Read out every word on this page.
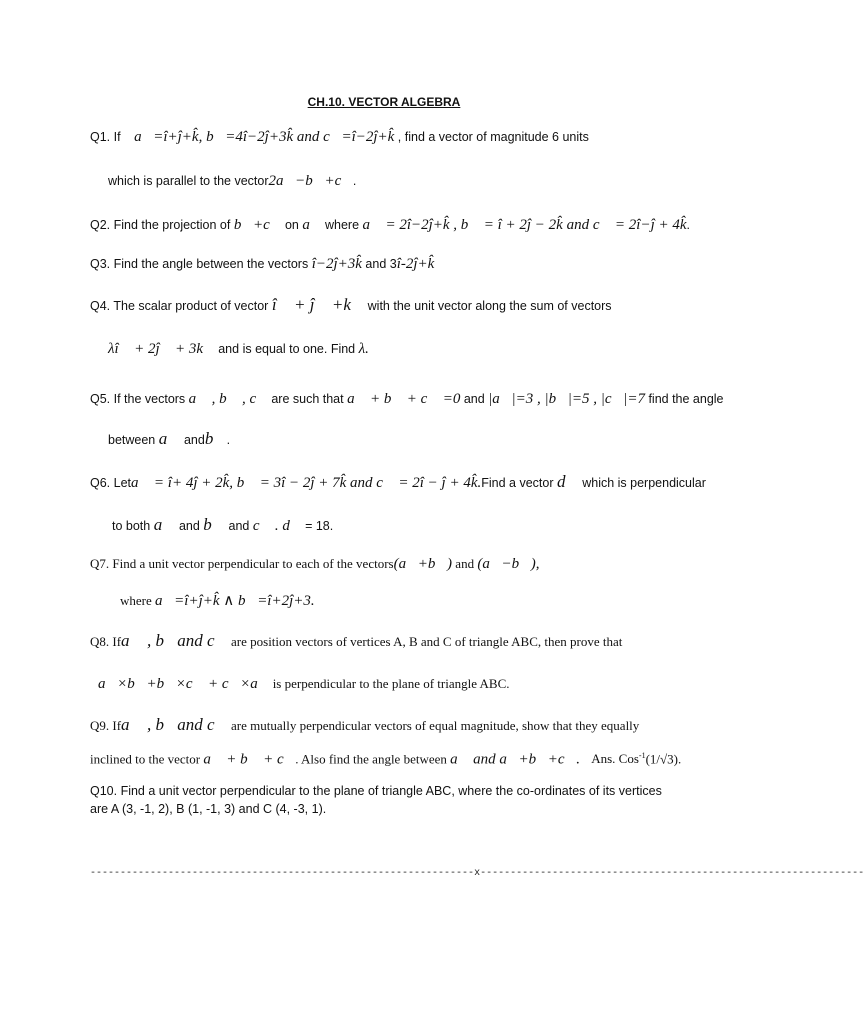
CH.10. VECTOR ALGEBRA
Q1. If a⃗=î+ĵ+k̂, b⃗=4î−2ĵ+3k̂ and c⃗=î−2ĵ+k̂ , find a vector of magnitude 6 units
which is parallel to the vector2a⃗−b⃗+c⃗.
Q2. Find the projection of b⃗+c⃗ on a⃗ where a⃗ = 2î−2ĵ+k̂ , b⃗ = î + 2ĵ − 2k̂ and c⃗ = 2î−ĵ + 4k̂.
Q3. Find the angle between the vectors î−2ĵ+3k̂ and 3î-2ĵ+k̂
Q4. The scalar product of vector î⃗ + ĵ⃗ +k⃗ with the unit vector along the sum of vectors
λî⃗ + 2ĵ⃗ + 3k⃗ and is equal to one. Find λ.
Q5. If the vectors a⃗ , b⃗ , c⃗ are such that a⃗ + b⃗ + c⃗ =0 and |a⃗|=3 , |b⃗|=5 , |c⃗|=7 find the angle
between a⃗ andb⃗.
Q6. Leta⃗ = î+ 4ĵ + 2k̂, b⃗ = 3î − 2ĵ + 7k̂ and c⃗ = 2î − ĵ + 4k̂.Find a vector d⃗ which is perpendicular
to both a⃗ and b⃗ and c⃗ . d⃗ = 18.
Q7. Find a unit vector perpendicular to each of the vectors(a⃗+b⃗) and (a⃗−b⃗),
where a⃗=î+ĵ+k̂ ∧ b⃗=î+2ĵ+3.
Q8. Ifa⃗ , b⃗and c⃗ are position vectors of vertices A, B and C of triangle ABC, then prove that
a⃗×b⃗+b⃗×c⃗ + c⃗×a⃗ is perpendicular to the plane of triangle ABC.
Q9. Ifa⃗ , b⃗and c⃗ are mutually perpendicular vectors of equal magnitude, show that they equally
inclined to the vector a⃗ + b⃗ + c⃗. Also find the angle between a⃗ and a⃗+b⃗+c⃗. Ans. Cos$^{-1}$(1/√3).
Q10. Find a unit vector perpendicular to the plane of triangle ABC, where the co-ordinates of its vertices are A (3, -1, 2), B (1, -1, 3) and C (4, -3, 1).
----------------------------------------------------------------x----------------------------------------------------------------
